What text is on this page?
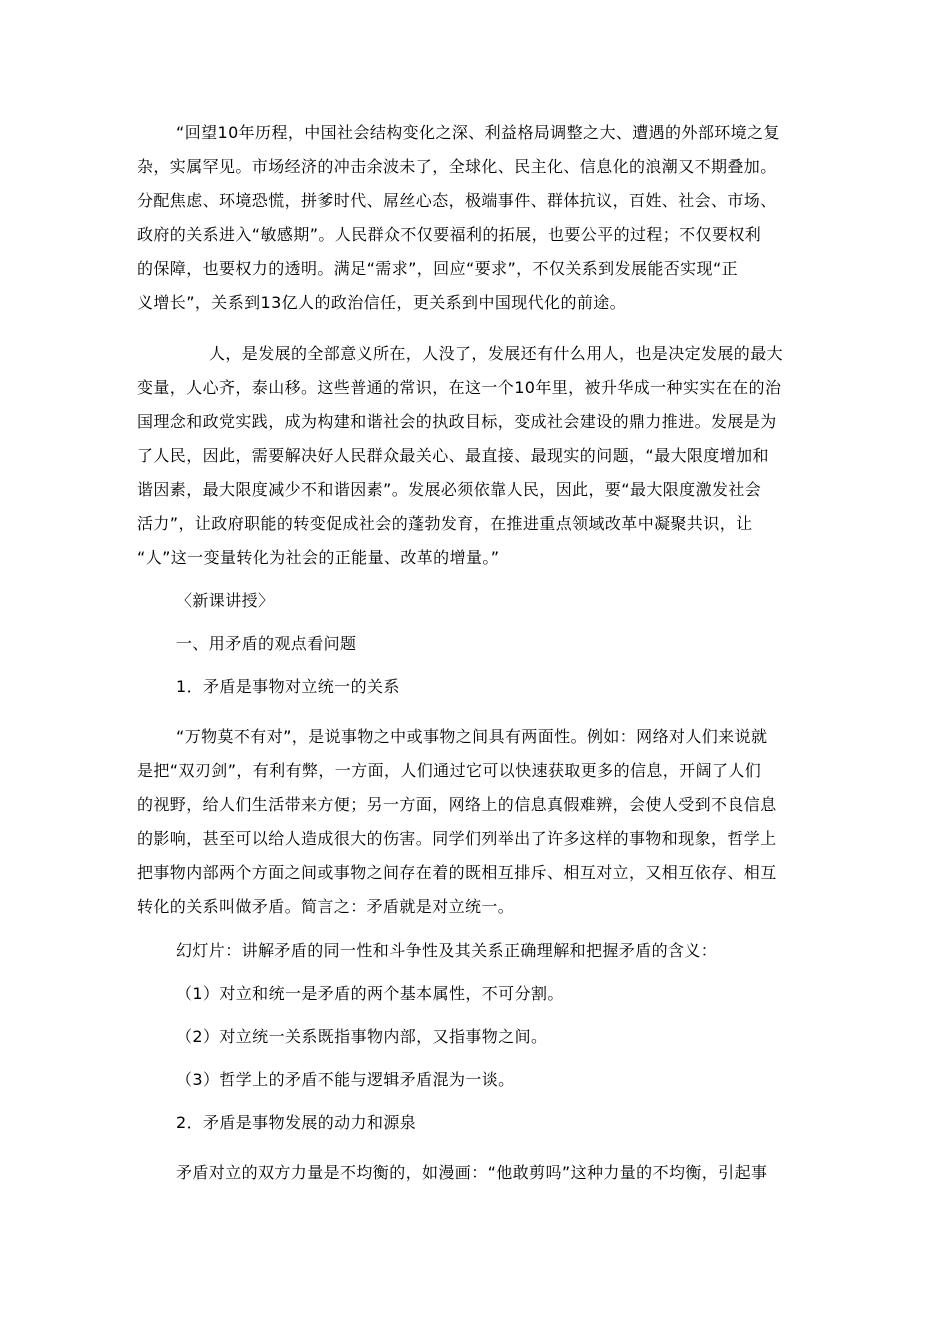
“回望10年历程，中国社会结构变化之深、利益格局调整之大、遭遇的外部环境之复

杂，实属罕见。市场经济的冲击余波未了，全球化、民主化、信息化的浪潮又不期叠加。

分配焦虑、环境恐慌，拼爹时代、屌丝心态，极端事件、群体抗议，百姓、社会、市场、

政府的关系进入“敏感期”。人民群众不仅要福利的拓展，也要公平的过程；不仅要权利

的保障，也要权力的透明。满足“需求”，回应“要求”，不仅关系到发展能否实现“正

义增长”，关系到13亿人的政治信任，更关系到中国现代化的前途。

人，是发展的全部意义所在，人没了，发展还有什么用人，也是决定发展的最大

变量，人心齐，泰山移。这些普通的常识，在这一个10年里，被升华成一种实实在在的治

国理念和政党实践，成为构建和谐社会的执政目标，变成社会建设的鼎力推进。发展是为

了人民，因此，需要解决好人民群众最关心、最直接、最现实的问题，“最大限度增加和

谐因素，最大限度减少不和谐因素”。发展必须依靠人民，因此，要“最大限度激发社会

活力”，让政府职能的转变促成社会的蓬勃发育，在推进重点领域改革中凝聚共识，让

“人”这一变量转化为社会的正能量、改革的增量。”

〈新课讲授〉

一、用矛盾的观点看问题

1．矛盾是事物对立统一的关系

“万物莫不有对”，是说事物之中或事物之间具有两面性。例如：网络对人们来说就

是把“双刃剑”，有利有弊，一方面，人们通过它可以快速获取更多的信息，开阔了人们

的视野，给人们生活带来方便；另一方面，网络上的信息真假难辨，会使人受到不良信息

的影响，甚至可以给人造成很大的伤害。同学们列举出了许多这样的事物和现象，哲学上

把事物内部两个方面之间或事物之间存在着的既相互排斥、相互对立，又相互依存、相互

转化的关系叫做矛盾。简言之：矛盾就是对立统一。

幻灯片：讲解矛盾的同一性和斗争性及其关系正确理解和把握矛盾的含义：

（1）对立和统一是矛盾的两个基本属性，不可分割。

（2）对立统一关系既指事物内部，又指事物之间。

（3）哲学上的矛盾不能与逻辑矛盾混为一谈。

2．矛盾是事物发展的动力和源泉

矛盾对立的双方力量是不均衡的，如漫画：“他敢剪吗”这种力量的不均衡，引起事
